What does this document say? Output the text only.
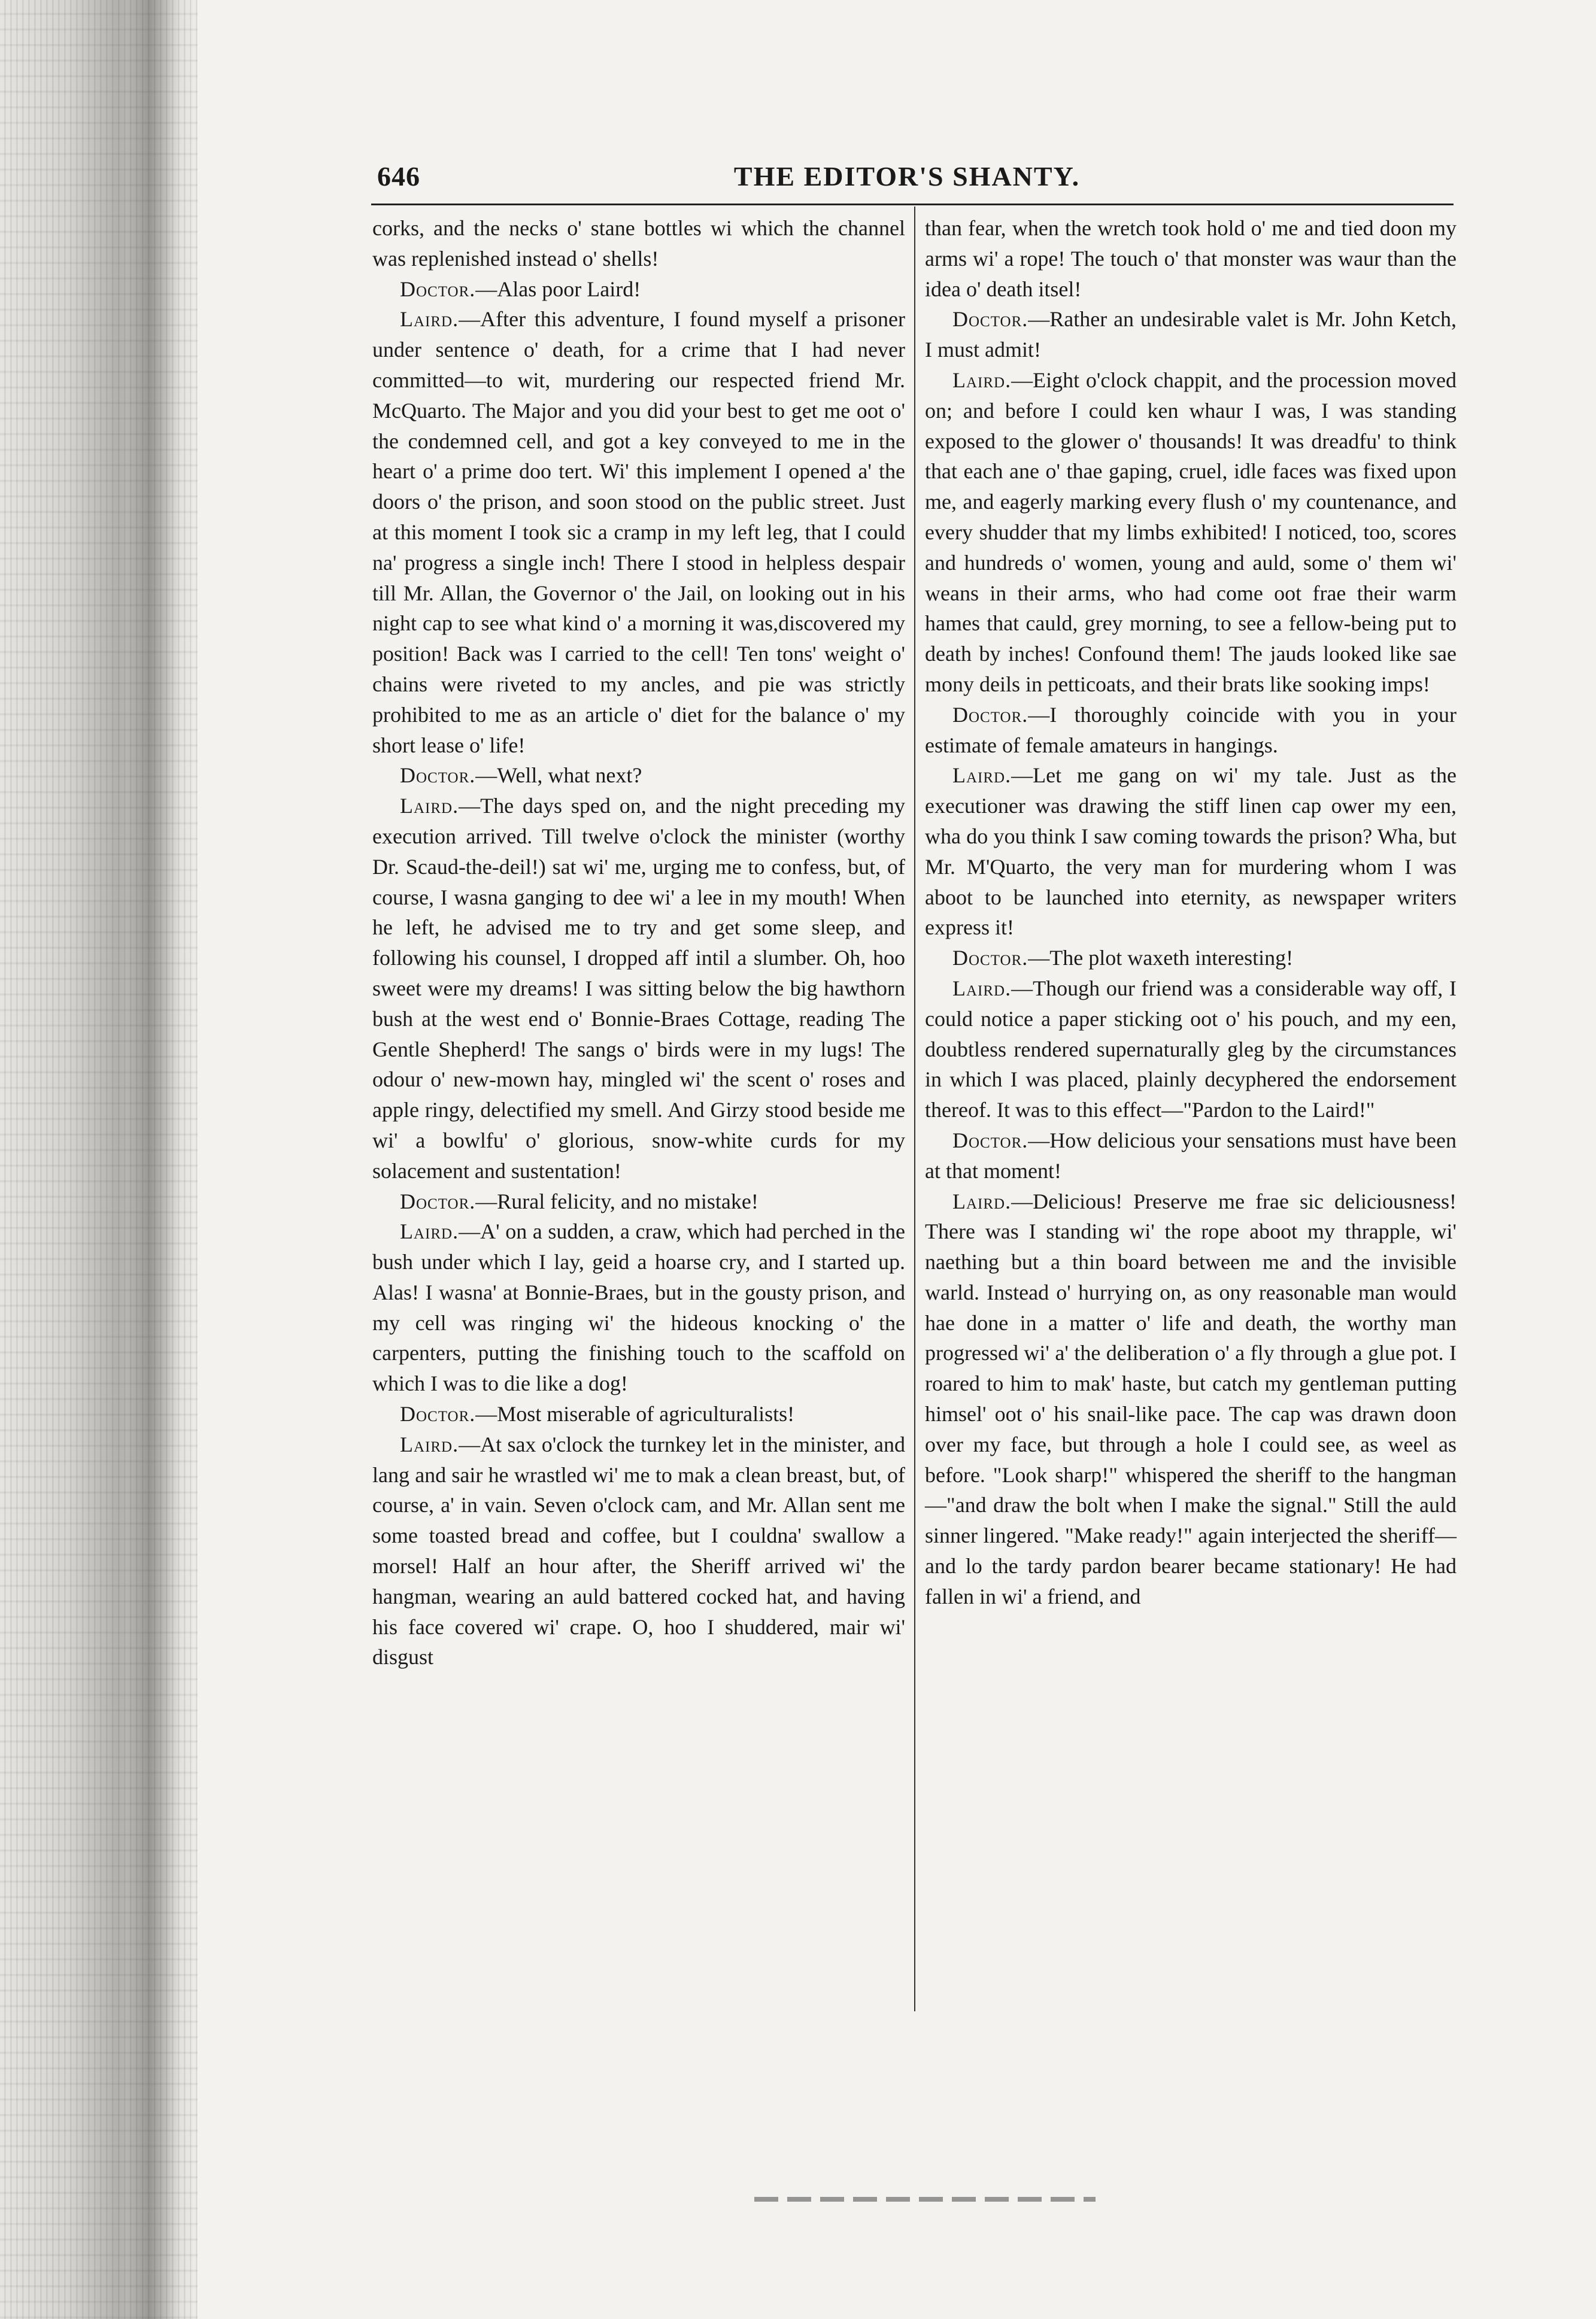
646	THE EDITOR'S SHANTY.

corks, and the necks o' stane bottles wi which the channel was replenished instead o' shells!

Doctor.—Alas poor Laird!

Laird.—After this adventure, I found myself a prisoner under sentence o' death, for a crime that I had never committed—to wit, murdering our respected friend Mr. McQuarto. The Major and you did your best to get me oot o' the condemned cell, and got a key conveyed to me in the heart o' a prime doo tert. Wi' this implement I opened a' the doors o' the prison, and soon stood on the public street. Just at this moment I took sic a cramp in my left leg, that I could na' progress a single inch! There I stood in helpless despair till Mr. Allan, the Governor o' the Jail, on looking out in his night cap to see what kind o' a morning it was,discovered my position! Back was I carried to the cell! Ten tons' weight o' chains were riveted to my ancles, and pie was strictly prohibited to me as an article o' diet for the balance o' my short lease o' life!

Doctor.—Well, what next?

Laird.—The days sped on, and the night preceding my execution arrived. Till twelve o'clock the minister (worthy Dr. Scaud-the-deil!) sat wi' me, urging me to confess, but, of course, I wasna ganging to dee wi' a lee in my mouth! When he left, he advised me to try and get some sleep, and following his counsel, I dropped aff intil a slumber. Oh, hoo sweet were my dreams! I was sitting below the big hawthorn bush at the west end o' Bonnie-Braes Cottage, reading The Gentle Shepherd! The sangs o' birds were in my lugs! The odour o' new-mown hay, mingled wi' the scent o' roses and apple ringy, delectified my smell. And Girzy stood beside me wi' a bowlfu' o' glorious, snow-white curds for my solacement and sustentation!

Doctor.—Rural felicity, and no mistake!

Laird.—A' on a sudden, a craw, which had perched in the bush under which I lay, geid a hoarse cry, and I started up. Alas! I wasna' at Bonnie-Braes, but in the gousty prison, and my cell was ringing wi' the hideous knocking o' the carpenters, putting the finishing touch to the scaffold on which I was to die like a dog!

Doctor.—Most miserable of agriculturalists!

Laird.—At sax o'clock the turnkey let in the minister, and lang and sair he wrastled wi' me to mak a clean breast, but, of course, a' in vain. Seven o'clock cam, and Mr. Allan sent me some toasted bread and coffee, but I couldna' swallow a morsel! Half an hour after, the Sheriff arrived wi' the hangman, wearing an auld battered cocked hat, and having his face covered wi' crape. O, hoo I shuddered, mair wi' disgust

than fear, when the wretch took hold o' me and tied doon my arms wi' a rope! The touch o' that monster was waur than the idea o' death itsel!

Doctor.—Rather an undesirable valet is Mr. John Ketch, I must admit!

Laird.—Eight o'clock chappit, and the procession moved on; and before I could ken whaur I was, I was standing exposed to the glower o' thousands! It was dreadfu' to think that each ane o' thae gaping, cruel, idle faces was fixed upon me, and eagerly marking every flush o' my countenance, and every shudder that my limbs exhibited! I noticed, too, scores and hundreds o' women, young and auld, some o' them wi' weans in their arms, who had come oot frae their warm hames that cauld, grey morning, to see a fellow-being put to death by inches! Confound them! The jauds looked like sae mony deils in petticoats, and their brats like sooking imps!

Doctor.—I thoroughly coincide with you in your estimate of female amateurs in hangings.

Laird.—Let me gang on wi' my tale. Just as the executioner was drawing the stiff linen cap ower my een, wha do you think I saw coming towards the prison? Wha, but Mr. M'Quarto, the very man for murdering whom I was aboot to be launched into eternity, as newspaper writers express it!

Doctor.—The plot waxeth interesting!

Laird.—Though our friend was a considerable way off, I could notice a paper sticking oot o' his pouch, and my een, doubtless rendered supernaturally gleg by the circumstances in which I was placed, plainly decyphered the endorsement thereof. It was to this effect—"Pardon to the Laird!"

Doctor.—How delicious your sensations must have been at that moment!

Laird.—Delicious! Preserve me frae sic deliciousness! There was I standing wi' the rope aboot my thrapple, wi' naething but a thin board between me and the invisible warld. Instead o' hurrying on, as ony reasonable man would hae done in a matter o' life and death, the worthy man progressed wi' a' the deliberation o' a fly through a glue pot. I roared to him to mak' haste, but catch my gentleman putting himsel' oot o' his snail-like pace. The cap was drawn doon over my face, but through a hole I could see, as weel as before. "Look sharp!" whispered the sheriff to the hangman—"and draw the bolt when I make the signal." Still the auld sinner lingered. "Make ready!" again interjected the sheriff—and lo the tardy pardon bearer became stationary! He had fallen in wi' a friend, and
